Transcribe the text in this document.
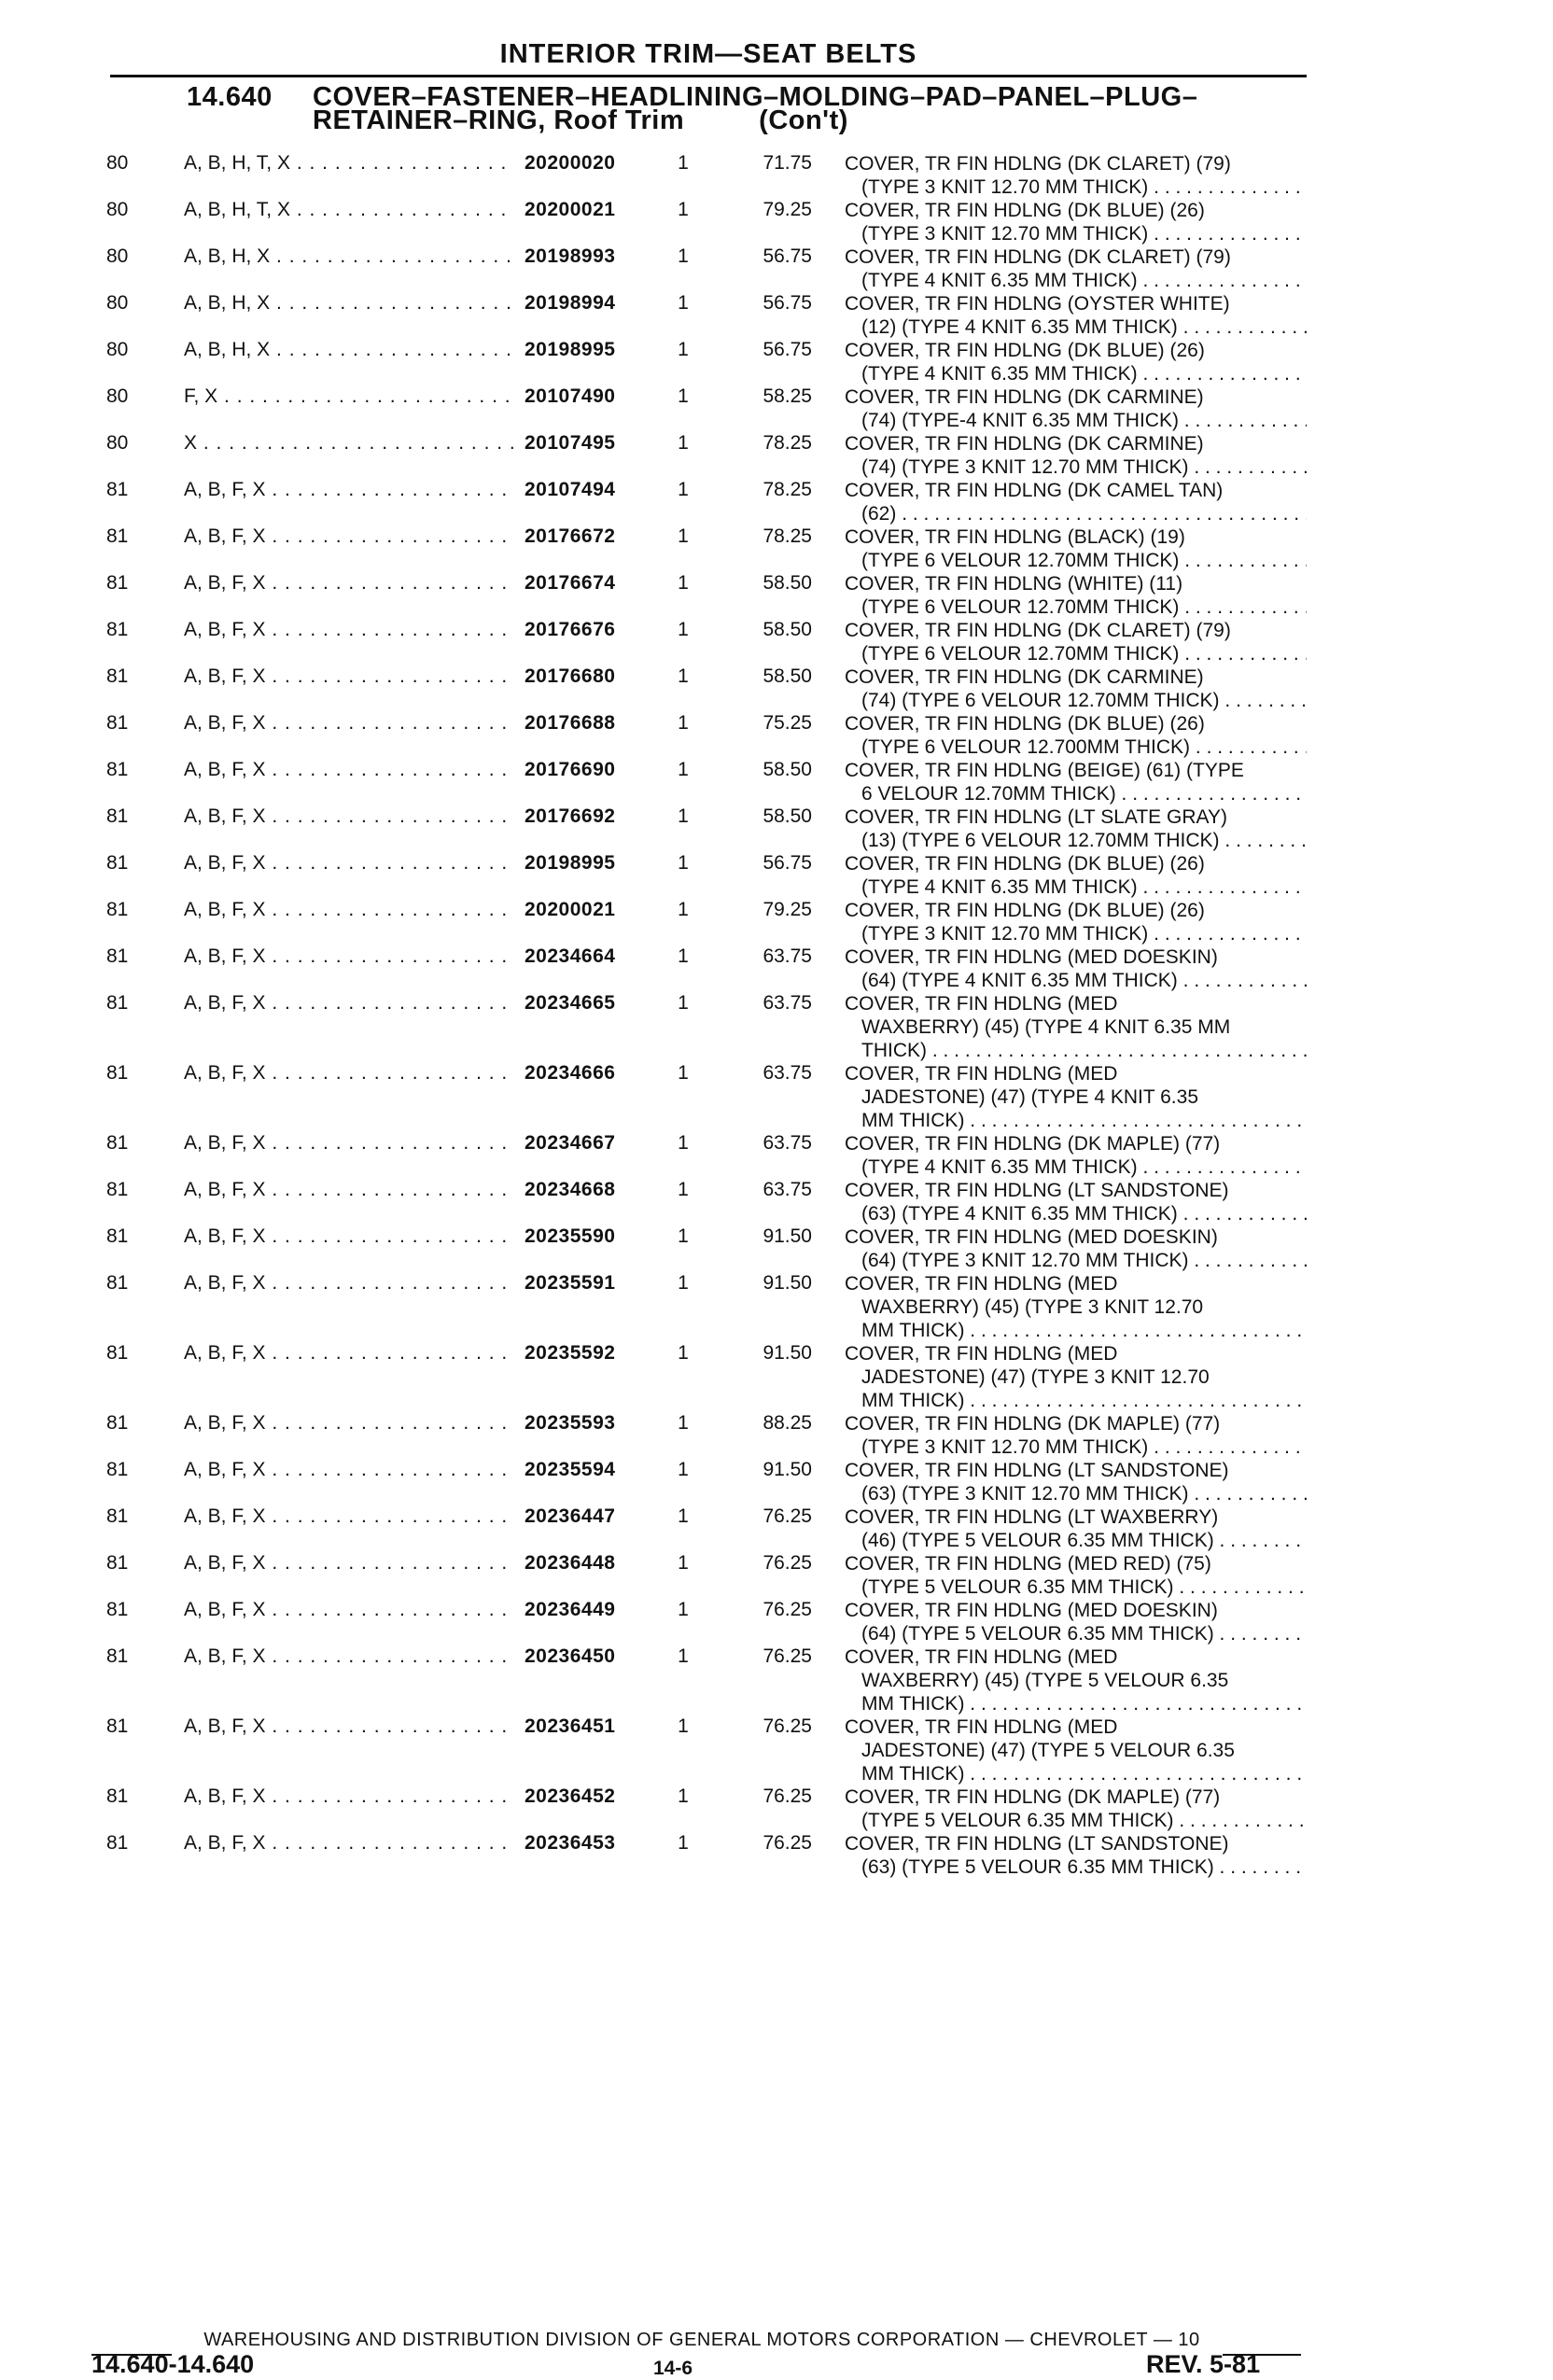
INTERIOR TRIM—SEAT BELTS
14.640 COVER–FASTENER–HEADLINING–MOLDING–PAD–PANEL–PLUG–
RETAINER–RING, Roof Trim	(Con't)
80	A, B, H, T, X . . .	20200020	1	71.75 COVER, TR FIN HDLNG (DK CLARET) (79)
(TYPE 3 KNIT 12.70 MM THICK) . . .
80	A, B, H, T, X . . .	20200021	1	79.25 COVER, TR FIN HDLNG (DK BLUE) (26)
(TYPE 3 KNIT 12.70 MM THICK) . . .
80	A, B, H, X . . .	20198993	1	56.75 COVER, TR FIN HDLNG (DK CLARET) (79)
(TYPE 4 KNIT 6.35 MM THICK) . . .
80	A, B, H, X . . .	20198994	1	56.75 COVER, TR FIN HDLNG (OYSTER WHITE)
(12) (TYPE 4 KNIT 6.35 MM THICK) . . .
80	A, B, H, X . . .	20198995	1	56.75 COVER, TR FIN HDLNG (DK BLUE) (26)
(TYPE 4 KNIT 6.35 MM THICK) . . .
80	F, X . . .	20107490	1	58.25 COVER, TR FIN HDLNG (DK CARMINE)
(74) (TYPE-4 KNIT 6.35 MM THICK) . . .
80	X . . .	20107495	1	78.25 COVER, TR FIN HDLNG (DK CARMINE)
(74) (TYPE 3 KNIT 12.70 MM THICK) . . .
81	A, B, F, X . . .	20107494	1	78.25 COVER, TR FIN HDLNG (DK CAMEL TAN)
(62) . . .
81	A, B, F, X . . .	20176672	1	78.25 COVER, TR FIN HDLNG (BLACK) (19)
(TYPE 6 VELOUR 12.70MM THICK) . . .
81	A, B, F, X . . .	20176674	1	58.50 COVER, TR FIN HDLNG (WHITE) (11)
(TYPE 6 VELOUR 12.70MM THICK) . . .
81	A, B, F, X . . .	20176676	1	58.50 COVER, TR FIN HDLNG (DK CLARET) (79)
(TYPE 6 VELOUR 12.70MM THICK) . . .
81	A, B, F, X . . .	20176680	1	58.50 COVER, TR FIN HDLNG (DK CARMINE)
(74) (TYPE 6 VELOUR 12.70MM THICK) . . .
81	A, B, F, X . . .	20176688	1	75.25 COVER, TR FIN HDLNG (DK BLUE) (26)
(TYPE 6 VELOUR 12.700MM THICK) . . .
81	A, B, F, X . . .	20176690	1	58.50 COVER, TR FIN HDLNG (BEIGE) (61) (TYPE
6 VELOUR 12.70MM THICK) . . .
81	A, B, F, X . . .	20176692	1	58.50 COVER, TR FIN HDLNG (LT SLATE GRAY)
(13) (TYPE 6 VELOUR 12.70MM THICK) . . .
81	A, B, F, X . . .	20198995	1	56.75 COVER, TR FIN HDLNG (DK BLUE) (26)
(TYPE 4 KNIT 6.35 MM THICK) . . .
81	A, B, F, X . . .	20200021	1	79.25 COVER, TR FIN HDLNG (DK BLUE) (26)
(TYPE 3 KNIT 12.70 MM THICK) . . .
81	A, B, F, X . . .	20234664	1	63.75 COVER, TR FIN HDLNG (MED DOESKIN)
(64) (TYPE 4 KNIT 6.35 MM THICK) . . .
81	A, B, F, X . . .	20234665	1	63.75 COVER, TR FIN HDLNG (MED
WAXBERRY) (45) (TYPE 4 KNIT 6.35 MM
THICK) . . .
81	A, B, F, X . . .	20234666	1	63.75 COVER, TR FIN HDLNG (MED
JADESTONE) (47) (TYPE 4 KNIT 6.35
MM THICK) . . .
81	A, B, F, X . . .	20234667	1	63.75 COVER, TR FIN HDLNG (DK MAPLE) (77)
(TYPE 4 KNIT 6.35 MM THICK) . . .
81	A, B, F, X . . .	20234668	1	63.75 COVER, TR FIN HDLNG (LT SANDSTONE)
(63) (TYPE 4 KNIT 6.35 MM THICK) . . .
81	A, B, F, X . . .	20235590	1	91.50 COVER, TR FIN HDLNG (MED DOESKIN)
(64) (TYPE 3 KNIT 12.70 MM THICK) . . .
81	A, B, F, X . . .	20235591	1	91.50 COVER, TR FIN HDLNG (MED
WAXBERRY) (45) (TYPE 3 KNIT 12.70
MM THICK) . . .
81	A, B, F, X . . .	20235592	1	91.50 COVER, TR FIN HDLNG (MED
JADESTONE) (47) (TYPE 3 KNIT 12.70
MM THICK) . . .
81	A, B, F, X . . .	20235593	1	88.25 COVER, TR FIN HDLNG (DK MAPLE) (77)
(TYPE 3 KNIT 12.70 MM THICK) . . .
81	A, B, F, X . . .	20235594	1	91.50 COVER, TR FIN HDLNG (LT SANDSTONE)
(63) (TYPE 3 KNIT 12.70 MM THICK) . . .
81	A, B, F, X . . .	20236447	1	76.25 COVER, TR FIN HDLNG (LT WAXBERRY)
(46) (TYPE 5 VELOUR 6.35 MM THICK) . . .
81	A, B, F, X . . .	20236448	1	76.25 COVER, TR FIN HDLNG (MED RED) (75)
(TYPE 5 VELOUR 6.35 MM THICK) . . .
81	A, B, F, X . . .	20236449	1	76.25 COVER, TR FIN HDLNG (MED DOESKIN)
(64) (TYPE 5 VELOUR 6.35 MM THICK) . . .
81	A, B, F, X . . .	20236450	1	76.25 COVER, TR FIN HDLNG (MED
WAXBERRY) (45) (TYPE 5 VELOUR 6.35
MM THICK) . . .
81	A, B, F, X . . .	20236451	1	76.25 COVER, TR FIN HDLNG (MED
JADESTONE) (47) (TYPE 5 VELOUR 6.35
MM THICK) . . .
81	A, B, F, X . . .	20236452	1	76.25 COVER, TR FIN HDLNG (DK MAPLE) (77)
(TYPE 5 VELOUR 6.35 MM THICK) . . .
81	A, B, F, X . . .	20236453	1	76.25 COVER, TR FIN HDLNG (LT SANDSTONE)
(63) (TYPE 5 VELOUR 6.35 MM THICK) . . .
WAREHOUSING AND DISTRIBUTION DIVISION OF GENERAL MOTORS CORPORATION — CHEVROLET — 10
14.640-14.640	14-6	REV. 5-81
